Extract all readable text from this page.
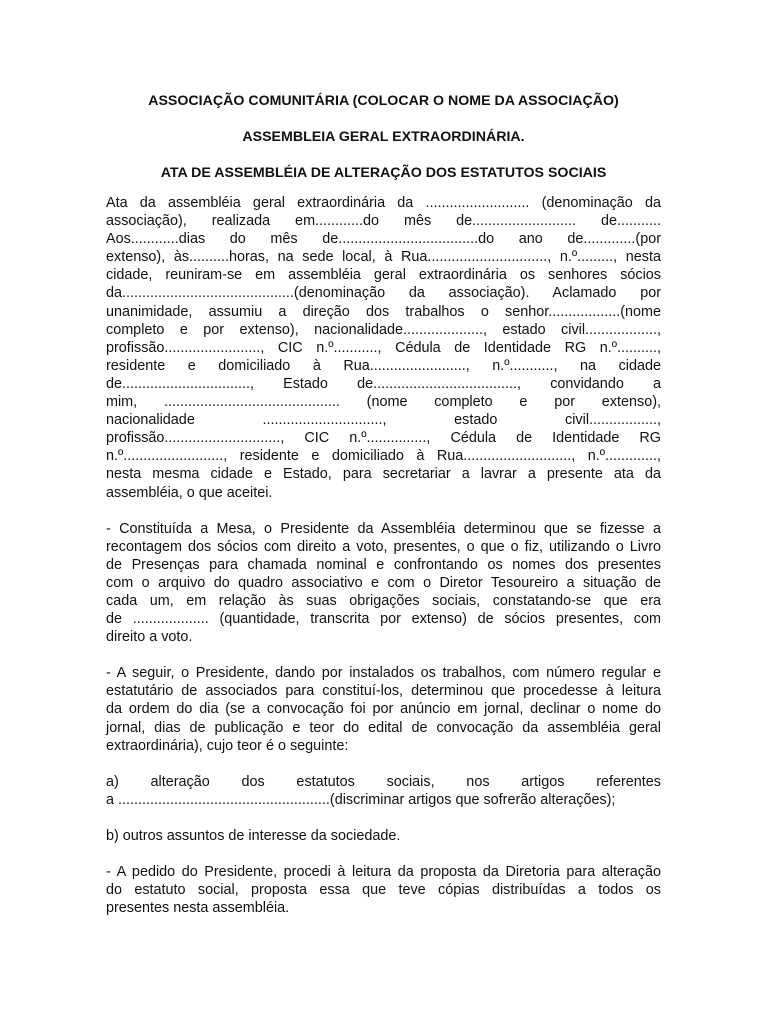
ASSOCIAÇÃO COMUNITÁRIA (COLOCAR O NOME DA ASSOCIAÇÃO)

ASSEMBLEIA GERAL EXTRAORDINÁRIA.

ATA DE ASSEMBLÉIA DE ALTERAÇÃO DOS ESTATUTOS SOCIAIS

Ata da assembléia geral extraordinária da .......................... (denominação da
associação), realizada em............do mês de.......................... de...........
Aos............dias do mês de...................................do ano de.............(por
extenso), às..........horas, na sede local, à Rua.............................., n.º........., nesta
cidade, reuniram-se em assembléia geral extraordinária os senhores sócios
da...........................................(denominação da associação). Aclamado por
unanimidade, assumiu a direção dos trabalhos o senhor..................(nome
completo e por extenso), nacionalidade...................., estado civil..................,
profissão........................, CIC n.º..........., Cédula de Identidade RG n.º..........,
residente e domiciliado à Rua........................, n.º..........., na cidade
de................................, Estado de...................................., convidando a
mim, ............................................ (nome completo e por extenso),
nacionalidade .............................., estado civil.................,
profissão............................., CIC n.º..............., Cédula de Identidade RG
n.º........................., residente e domiciliado à Rua..........................., n.º.............,
nesta mesma cidade e Estado, para secretariar a lavrar a presente ata da
assembléia, o que aceitei.

- Constituída a Mesa, o Presidente da Assembléia determinou que se fizesse a
recontagem dos sócios com direito a voto, presentes, o que o fiz, utilizando o Livro
de Presenças para chamada nominal e confrontando os nomes dos presentes
com o arquivo do quadro associativo e com o Diretor Tesoureiro a situação de
cada um, em relação às suas obrigações sociais, constatando-se que era
de ................... (quantidade, transcrita por extenso) de sócios presentes, com
direito a voto.

- A seguir, o Presidente, dando por instalados os trabalhos, com número regular e
estatutário de associados para constituí-los, determinou que procedesse à leitura
da ordem do dia (se a convocação foi por anúncio em jornal, declinar o nome do
jornal, dias de publicação e teor do edital de convocação da assembléia geral
extraordinária), cujo teor é o seguinte:

a) alteração dos estatutos sociais, nos artigos referentes
a .....................................................(discriminar artigos que sofrerão alterações);

b) outros assuntos de interesse da sociedade.

- A pedido do Presidente, procedi à leitura da proposta da Diretoria para alteração
do estatuto social, proposta essa que teve cópias distribuídas a todos os
presentes nesta assembléia.
